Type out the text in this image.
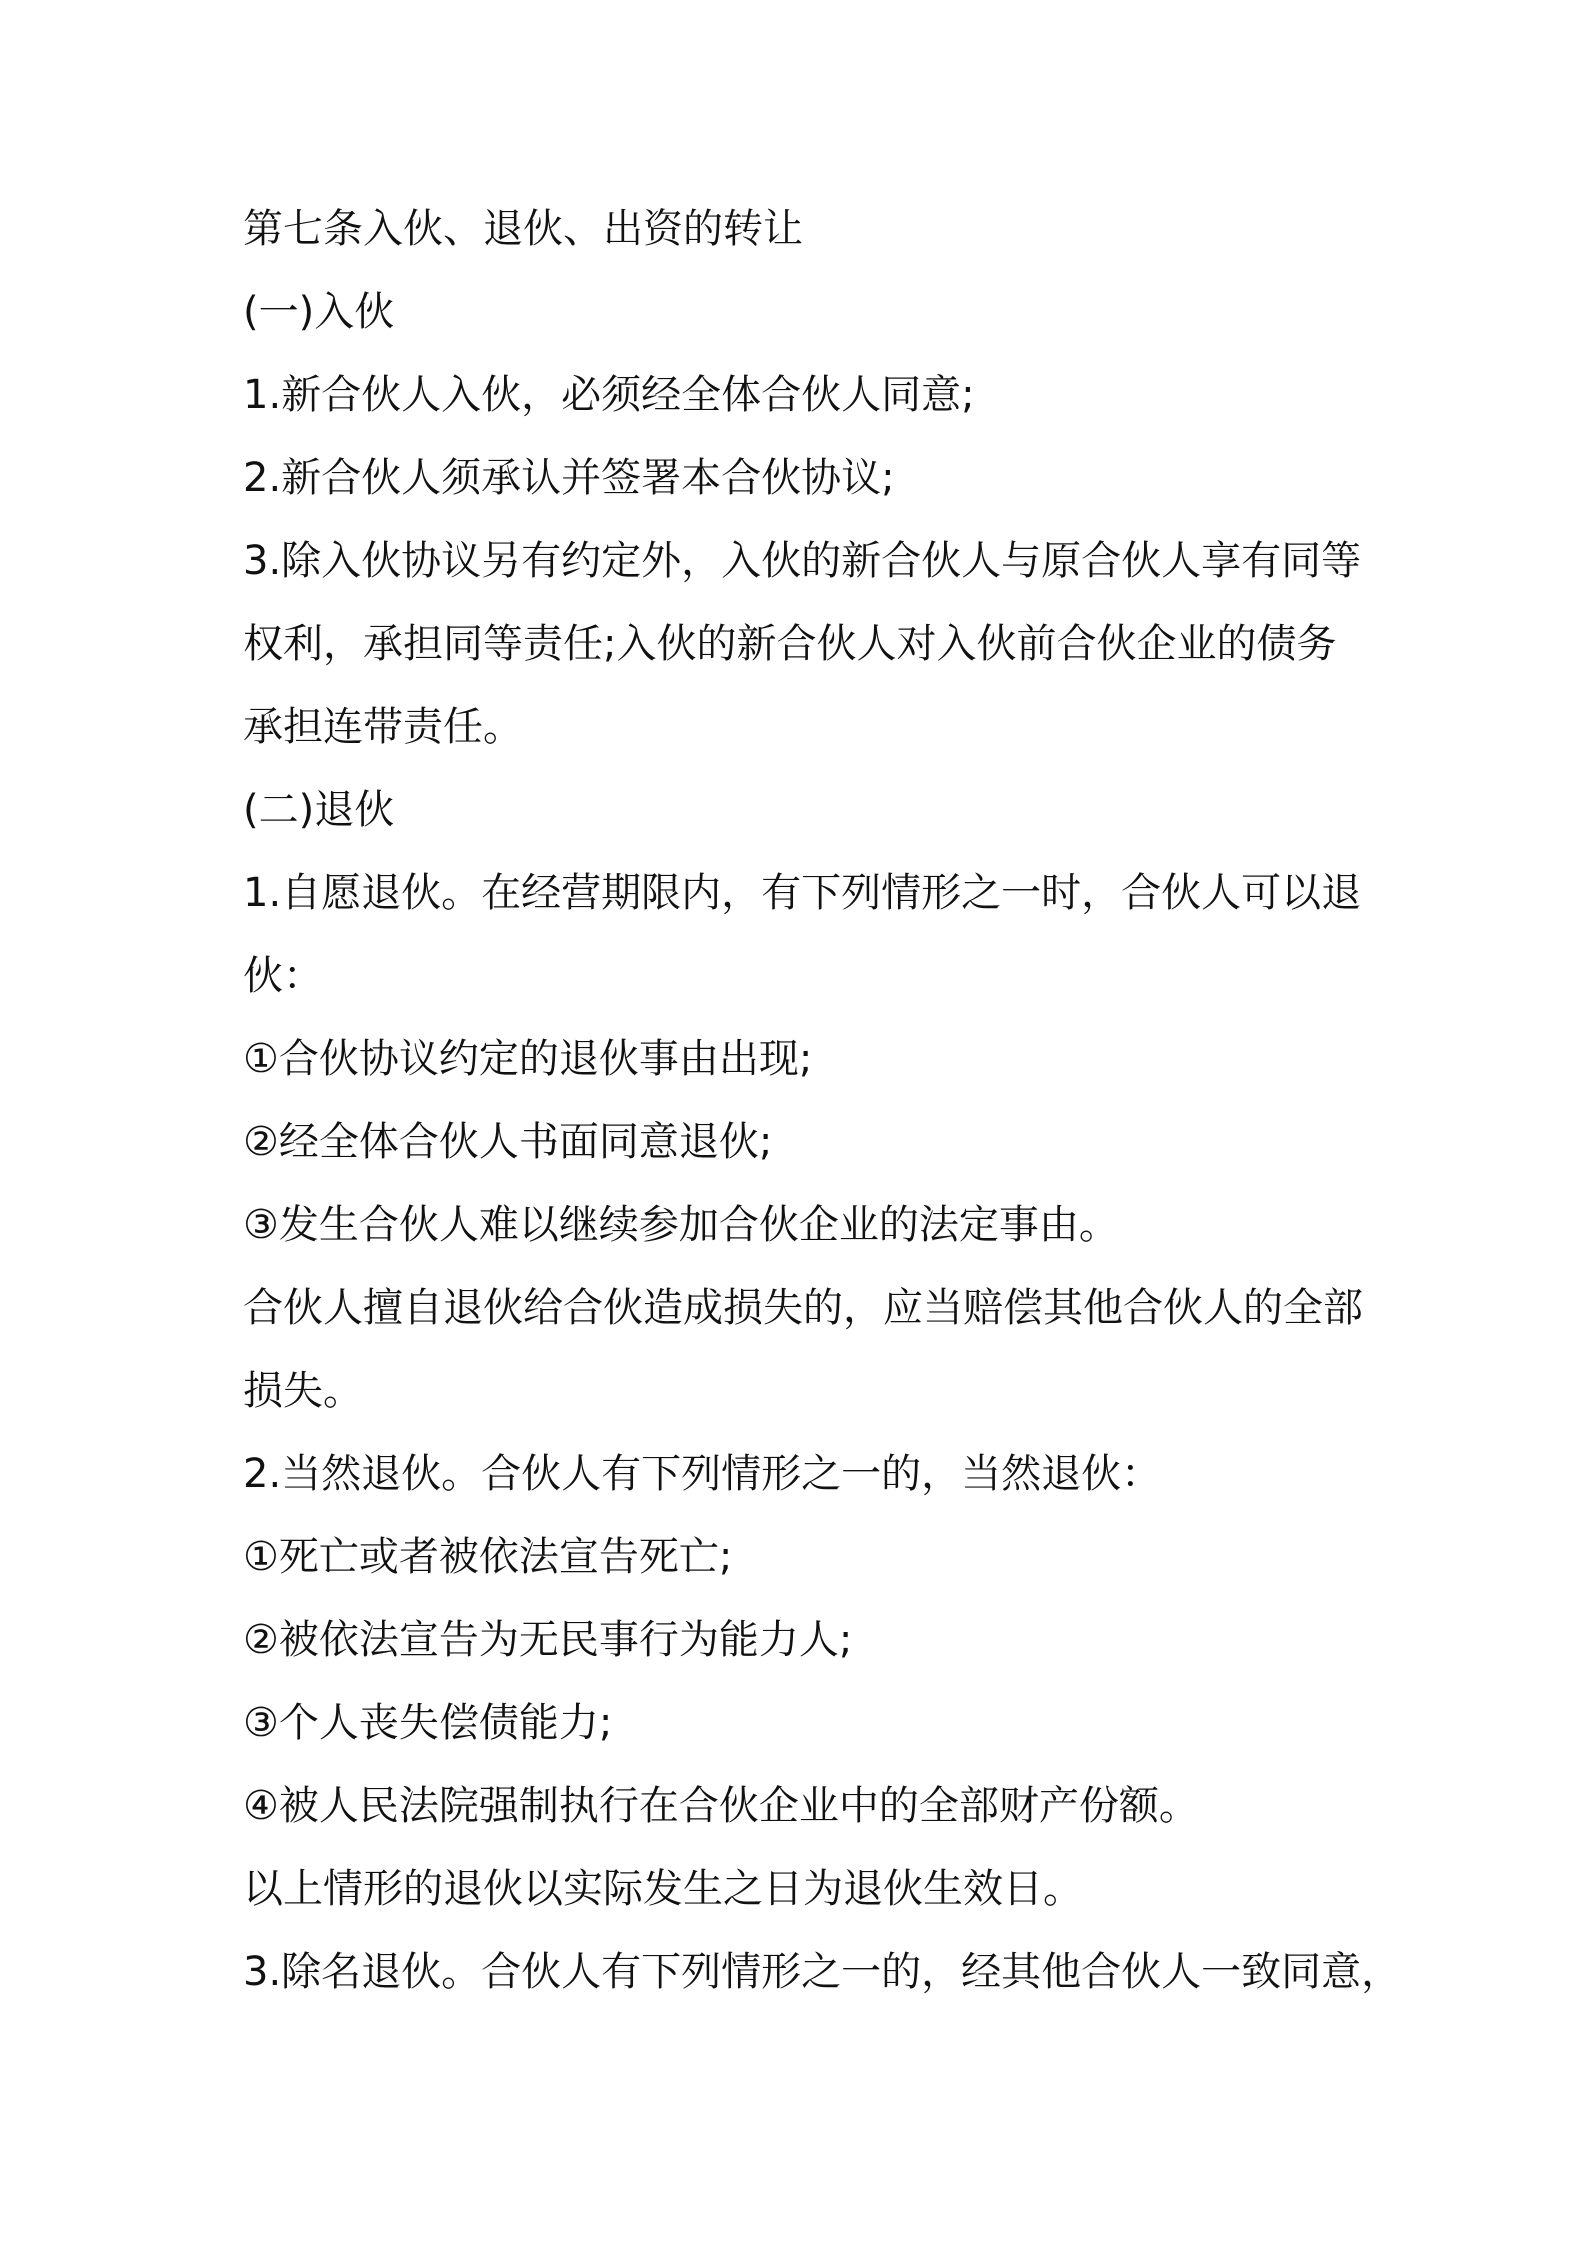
第七条入伙、退伙、出资的转让

(一)入伙

1.新合伙人入伙，必须经全体合伙人同意;

2.新合伙人须承认并签署本合伙协议;

3.除入伙协议另有约定外，入伙的新合伙人与原合伙人享有同等

权利，承担同等责任;入伙的新合伙人对入伙前合伙企业的债务

承担连带责任。

(二)退伙

1.自愿退伙。在经营期限内，有下列情形之一时，合伙人可以退

伙：

①合伙协议约定的退伙事由出现;

②经全体合伙人书面同意退伙;

③发生合伙人难以继续参加合伙企业的法定事由。

合伙人擅自退伙给合伙造成损失的，应当赔偿其他合伙人的全部

损失。

2.当然退伙。合伙人有下列情形之一的，当然退伙：

①死亡或者被依法宣告死亡;

②被依法宣告为无民事行为能力人;

③个人丧失偿债能力;

④被人民法院强制执行在合伙企业中的全部财产份额。

以上情形的退伙以实际发生之日为退伙生效日。

3.除名退伙。合伙人有下列情形之一的，经其他合伙人一致同意，
